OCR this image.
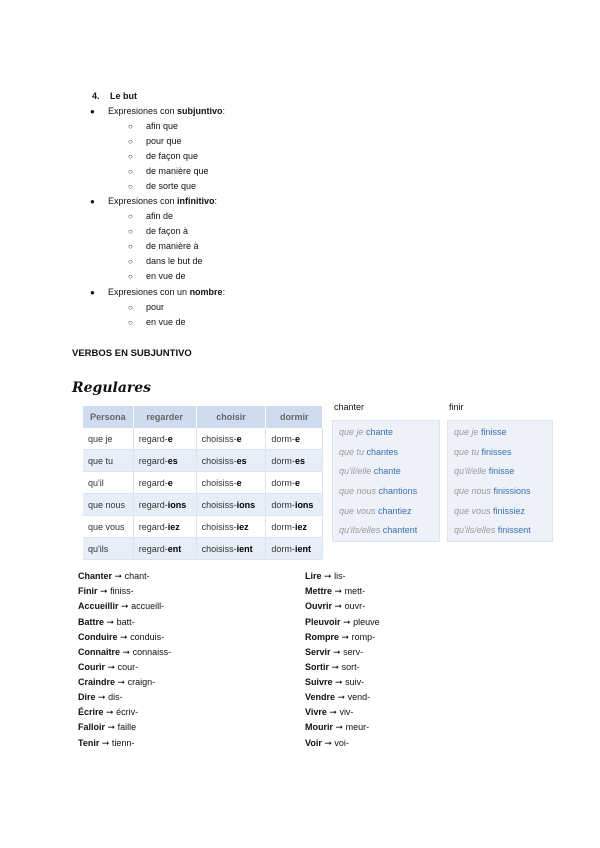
4. Le but
● Expresiones con subjuntivo:
○ afin que
○ pour que
○ de façon que
○ de manière que
○ de sorte que
● Expresiones con infinitivo:
○ afin de
○ de façon à
○ de manière à
○ dans le but de
○ en vue de
● Expresiones con un nombre:
○ pour
○ en vue de
VERBOS EN SUBJUNTIVO
Regulares
Persona	regarder	choisir	dormir
que je	regard-e	choisiss-e	dorm-e
que tu	regard-es	choisiss-es	dorm-es
qu'il	regard-e	choisiss-e	dorm-e
que nous	regard-ions	choisiss-ions	dorm-ions
que vous	regard-iez	choisiss-iez	dorm-iez
qu'ils	regard-ent	choisiss-ient	dorm-ient
chanter
que je chante
que tu chantes
qu'il/elle chante
que nous chantions
que vous chantiez
qu'ils/elles chantent
finir
que je finisse
que tu finisses
qu'il/elle finisse
que nous finissions
que vous finissiez
qu'ils/elles finissent
Chanter ➞ chant-
Finir ➞ finiss-
Accueillir ➞ accueill-
Battre ➞ batt-
Conduire ➞ conduis-
Connaître ➞ connaiss-
Courir ➞ cour-
Craindre ➞ craign-
Dire ➞ dis-
Écrire ➞ écriv-
Falloir ➞ faille
Tenir ➞ tienn-
Lire ➞ lis-
Mettre ➞ mett-
Ouvrir ➞ ouvr-
Pleuvoir ➞ pleuve
Rompre ➞ romp-
Servir ➞ serv-
Sortir ➞ sort-
Suivre ➞ suiv-
Vendre ➞ vend-
Vivre ➞ viv-
Mourir ➞ meur-
Voir ➞ voi-
